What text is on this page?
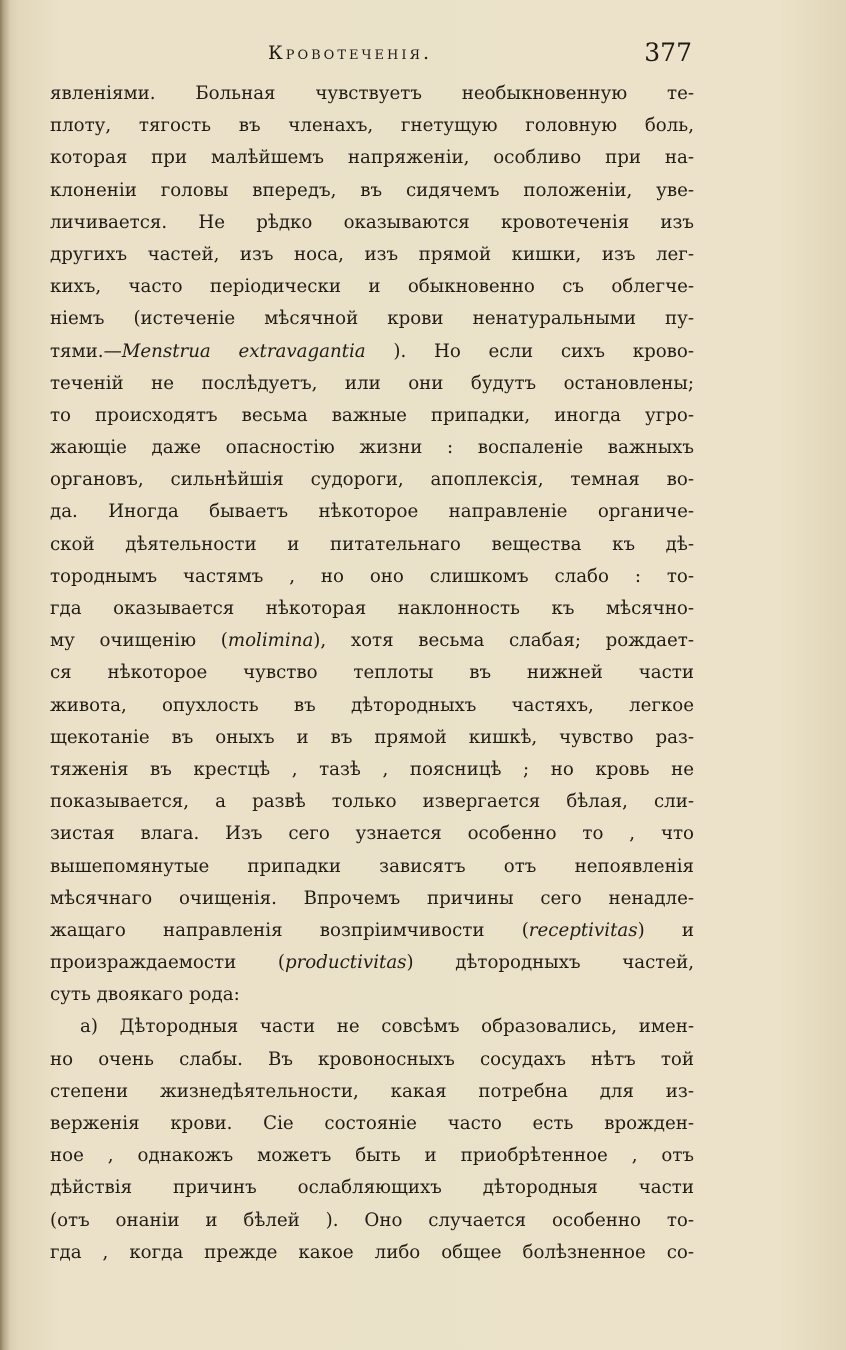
Кровотеченія.	377
явленіями. Больная чувствуетъ необыкновенную те-
плоту, тягость въ членахъ, гнетущую головную боль,
которая при малѣйшемъ напряженіи, особливо при на-
клоненіи головы впередъ, въ сидячемъ положеніи, уве-
личивается. Не рѣдко оказываются кровотеченія изъ
другихъ частей, изъ носа, изъ прямой кишки, изъ лег-
кихъ, часто періодически и обыкновенно съ облегче-
ніемъ (истеченіе мѣсячной крови ненатуральными пу-
тями.—Menstrua extravagantia ). Но если сихъ крово-
теченій не послѣдуетъ, или они будутъ остановлены;
то происходятъ весьма важные припадки, иногда угро-
жающіе даже опасностію жизни : воспаленіе важныхъ
органовъ, сильнѣйшія судороги, апоплексія, темная во-
да. Иногда бываетъ нѣкоторое направленіе органиче-
ской дѣятельности и питательнаго вещества къ дѣ-
тороднымъ частямъ , но оно слишкомъ слабо : то-
гда оказывается нѣкоторая наклонность къ мѣсячно-
му очищенію (molimina), хотя весьма слабая; рождает-
ся нѣкоторое чувство теплоты въ нижней части
живота, опухлость въ дѣтородныхъ частяхъ, легкое
щекотаніе въ оныхъ и въ прямой кишкѣ, чувство раз-
тяженія въ крестцѣ , тазѣ , поясницѣ ; но кровь не
показывается, а развѣ только извергается бѣлая, сли-
зистая влага. Изъ сего узнается особенно то , что
вышепомянутые припадки зависятъ отъ непоявленія
мѣсячнаго очищенія. Впрочемъ причины сего ненадле-
жащаго направленія возпріимчивости (receptivitas) и
произраждаемости (productivitas) дѣтородныхъ частей,
суть двоякаго рода:
а) Дѣтородныя части не совсѣмъ образовались, имен-
но очень слабы. Въ кровоносныхъ сосудахъ нѣтъ той
степени жизнедѣятельности, какая потребна для из-
верженія крови. Сіе состояніе часто есть врожден-
ное , однакожъ можетъ быть и приобрѣтенное , отъ
дѣйствія причинъ ослабляющихъ дѣтородныя части
(отъ онаніи и бѣлей ). Оно случается особенно то-
гда , когда прежде какое либо общее болѣзненное со-
